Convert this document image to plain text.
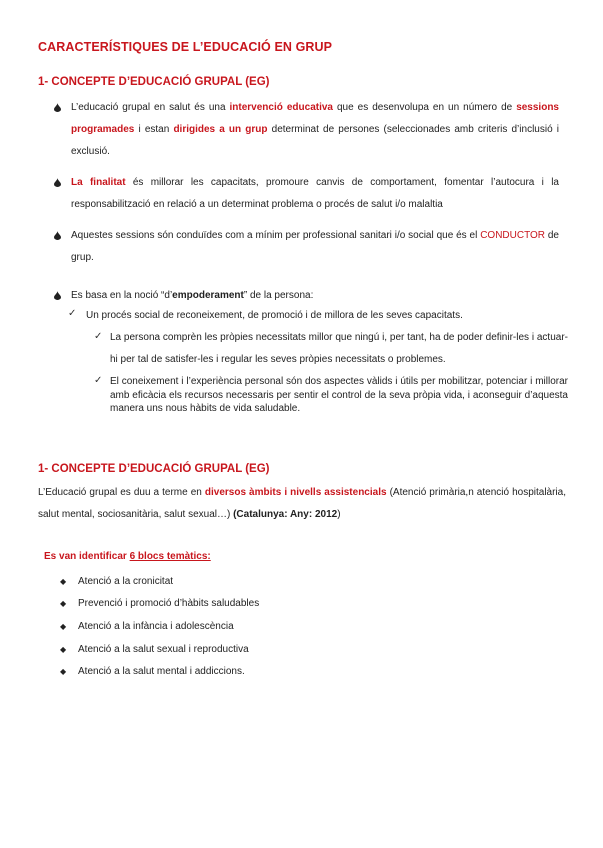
CARACTERÍSTIQUES DE L’EDUCACIÓ EN GRUP
1- CONCEPTE D’EDUCACIÓ GRUPAL (EG)
L’educació grupal en salut és una intervenció educativa que es desenvolupa en un número de sessions programades i estan dirigides a un grup determinat de persones (seleccionades amb criteris d’inclusió i exclusió.
La finalitat és millorar les capacitats, promoure canvis de comportament, fomentar l’autocura i la responsabilització en relació a un determinat problema o procés de salut i/o malaltia
Aquestes sessions són conduïdes com a mínim per professional sanitari i/o social que és el CONDUCTOR de grup.
Es basa en la noció “d’empoderament” de la persona:
✓ Un procés social de reconeixement, de promoció i de millora de les seves capacitats.
✓ La persona comprèn les pròpies necessitats millor que ningú i, per tant, ha de poder definir-les i actuar-hi per tal de satisfer-les i regular les seves pròpies necessitats o problemes.
✓ El coneixement i l’experiència personal són dos aspectes vàlids i útils per mobilitzar, potenciar i millorar amb eficàcia els recursos necessaris per sentir el control de la seva pròpia vida, i aconseguir d’aquesta manera uns nous hàbits de vida saludable.
1- CONCEPTE D’EDUCACIÓ GRUPAL (EG)
L’Educació grupal es duu a terme en diversos àmbits i nivells assistencials (Atenció primària,n atenció hospitalària, salut mental, sociosanitària, salut sexual…) (Catalunya: Any: 2012)
Es van identificar 6 blocs temàtics:
◆ Atenció a la cronicitat
◆ Prevenció i promoció d’hàbits saludables
◆ Atenció a la infància i adolescència
◆ Atenció a la salut sexual i reproductiva
◆ Atenció a la salut mental i addiccions.
